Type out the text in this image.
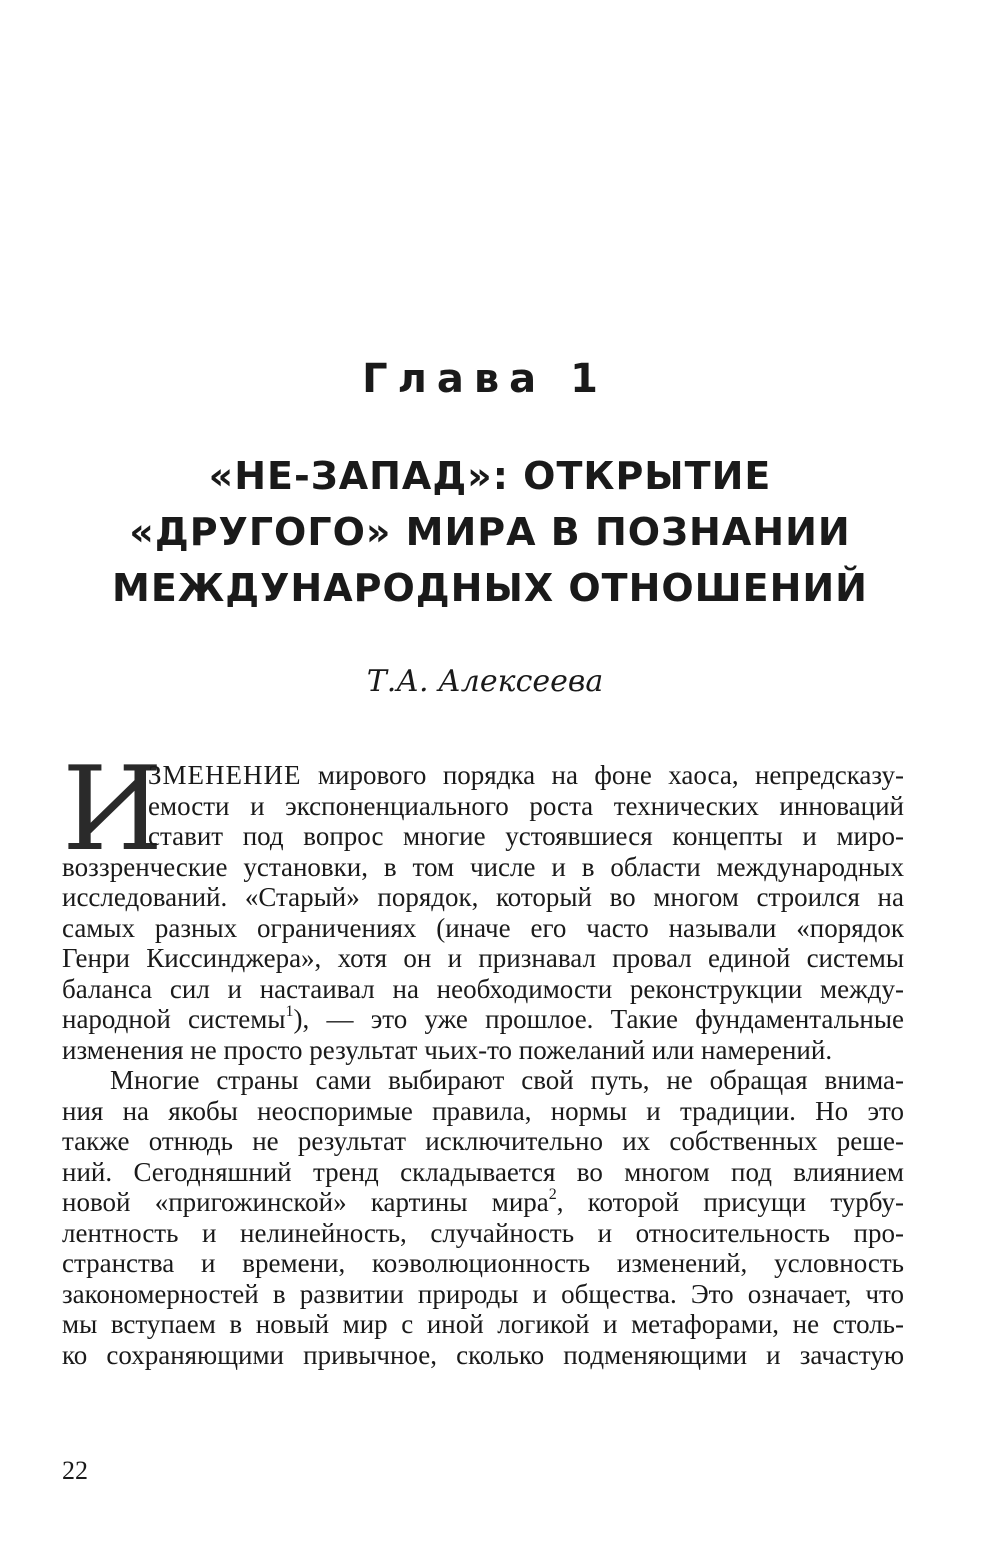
Глава 1
«НЕ-ЗАПАД»: ОТКРЫТИЕ
«ДРУГОГО» МИРА В ПОЗНАНИИ
МЕЖДУНАРОДНЫХ ОТНОШЕНИЙ
Т.А. Алексеева
И
ЗМЕНЕНИЕ мирового порядка на фоне хаоса, непредсказу-
емости и экспоненциального роста технических инноваций
ставит под вопрос многие устоявшиеся концепты и миро-
воззренческие установки, в том числе и в области международных
исследований. «Старый» порядок, который во многом строился на
самых разных ограничениях (иначе его часто называли «порядок
Генри Киссинджера», хотя он и признавал провал единой системы
баланса сил и настаивал на необходимости реконструкции между-
народной системы$^1$), — это уже прошлое. Такие фундаментальные
изменения не просто результат чьих-то пожеланий или намерений.
Многие страны сами выбирают свой путь, не обращая внима-
ния на якобы неоспоримые правила, нормы и традиции. Но это
также отнюдь не результат исключительно их собственных реше-
ний. Сегодняшний тренд складывается во многом под влиянием
новой «пригожинской» картины мира$^2$, которой присущи турбу-
лентность и нелинейность, случайность и относительность про-
странства и времени, коэволюционность изменений, условность
закономерностей в развитии природы и общества. Это означает, что
мы вступаем в новый мир с иной логикой и метафорами, не столь-
ко сохраняющими привычное, сколько подменяющими и зачастую
22
